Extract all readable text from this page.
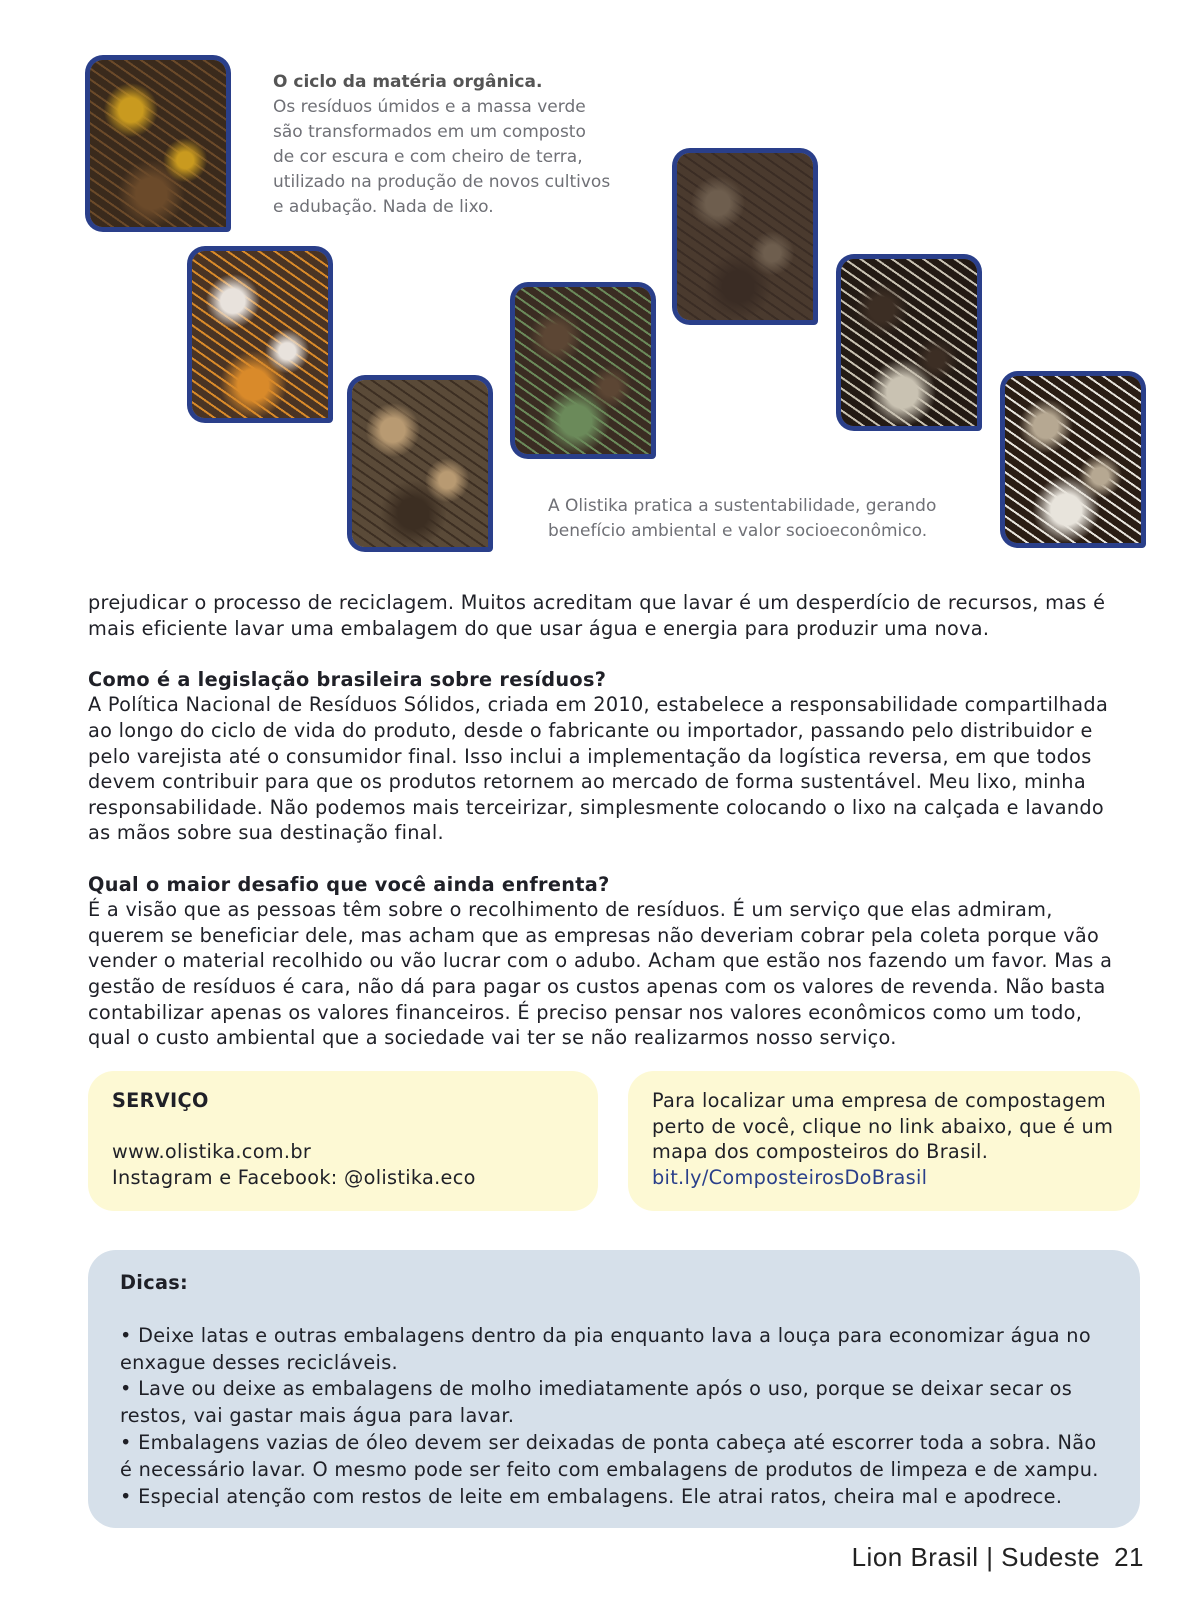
O ciclo da matéria orgânica.
Os resíduos úmidos e a massa verde
são transformados em um composto
de cor escura e com cheiro de terra,
utilizado na produção de novos cultivos
e adubação. Nada de lixo.
A Olistika pratica a sustentabilidade, gerando
benefício ambiental e valor socioeconômico.

prejudicar o processo de reciclagem. Muitos acreditam que lavar é um desperdício de recursos, mas é mais eficiente lavar uma embalagem do que usar água e energia para produzir uma nova.

Como é a legislação brasileira sobre resíduos?
A Política Nacional de Resíduos Sólidos, criada em 2010, estabelece a responsabilidade compartilhada ao longo do ciclo de vida do produto, desde o fabricante ou importador, passando pelo distribuidor e pelo varejista até o consumidor final. Isso inclui a implementação da logística reversa, em que todos devem contribuir para que os produtos retornem ao mercado de forma sustentável. Meu lixo, minha responsabilidade. Não podemos mais terceirizar, simplesmente colocando o lixo na calçada e lavando as mãos sobre sua destinação final.

Qual o maior desafio que você ainda enfrenta?
É a visão que as pessoas têm sobre o recolhimento de resíduos. É um serviço que elas admiram, querem se beneficiar dele, mas acham que as empresas não deveriam cobrar pela coleta porque vão vender o material recolhido ou vão lucrar com o adubo. Acham que estão nos fazendo um favor. Mas a gestão de resíduos é cara, não dá para pagar os custos apenas com os valores de revenda. Não basta contabilizar apenas os valores financeiros. É preciso pensar nos valores econômicos como um todo, qual o custo ambiental que a sociedade vai ter se não realizarmos nosso serviço.

SERVIÇO
www.olistika.com.br
Instagram e Facebook: @olistika.eco
Para localizar uma empresa de compostagem perto de você, clique no link abaixo, que é um mapa dos composteiros do Brasil.
bit.ly/ComposteirosDoBrasil
Dicas:

• Deixe latas e outras embalagens dentro da pia enquanto lava a louça para economizar água no enxague desses recicláveis.

• Lave ou deixe as embalagens de molho imediatamente após o uso, porque se deixar secar os restos, vai gastar mais água para lavar.

• Embalagens vazias de óleo devem ser deixadas de ponta cabeça até escorrer toda a sobra. Não é necessário lavar. O mesmo pode ser feito com embalagens de produtos de limpeza e de xampu.

• Especial atenção com restos de leite em embalagens. Ele atrai ratos, cheira mal e apodrece.

Lion Brasil | Sudeste 21
